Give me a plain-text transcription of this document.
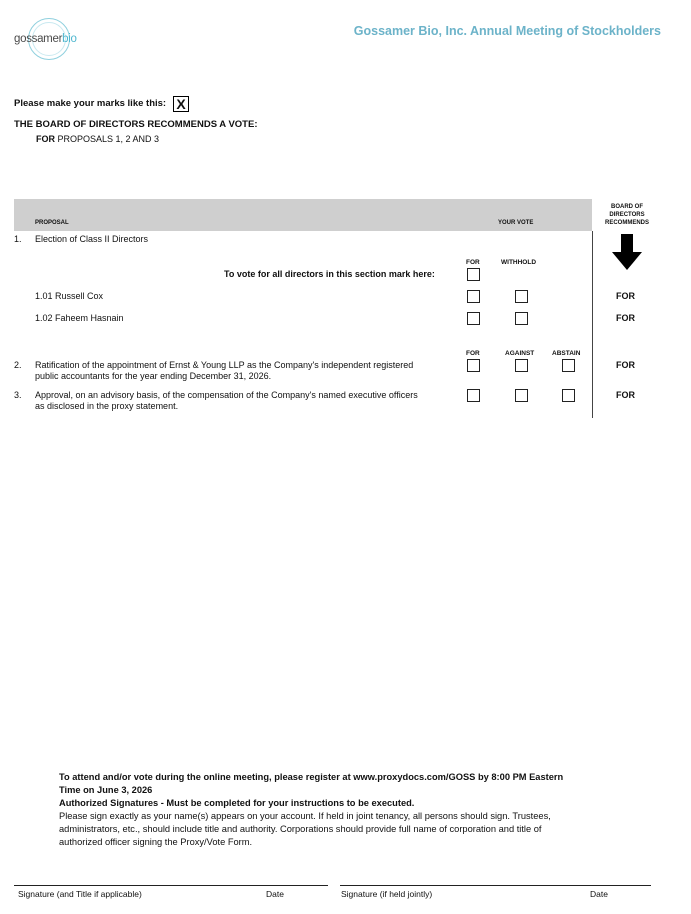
gossamerbio
Gossamer Bio, Inc. Annual Meeting of Stockholders
Please make your marks like this: X
THE BOARD OF DIRECTORS RECOMMENDS A VOTE:
FOR PROPOSALS 1, 2 AND 3
PROPOSAL	YOUR VOTE
BOARD OF
DIRECTORS
RECOMMENDS
1. Election of Class II Directors
FOR	WITHHOLD
To vote for all directors in this section mark here:
1.01 Russell Cox	FOR
1.02 Faheem Hasnain	FOR
FOR	AGAINST	ABSTAIN
2. Ratification of the appointment of Ernst & Young LLP as the Company's independent registered
public accountants for the year ending December 31, 2026.
FOR
3. Approval, on an advisory basis, of the compensation of the Company's named executive officers
as disclosed in the proxy statement.
FOR
To attend and/or vote during the online meeting, please register at www.proxydocs.com/GOSS by 8:00 PM Eastern
Time on June 3, 2026
Authorized Signatures - Must be completed for your instructions to be executed.
Please sign exactly as your name(s) appears on your account. If held in joint tenancy, all persons should sign. Trustees,
administrators, etc., should include title and authority. Corporations should provide full name of corporation and title of
authorized officer signing the Proxy/Vote Form.
Signature (and Title if applicable)	Date	Signature (if held jointly)	Date
